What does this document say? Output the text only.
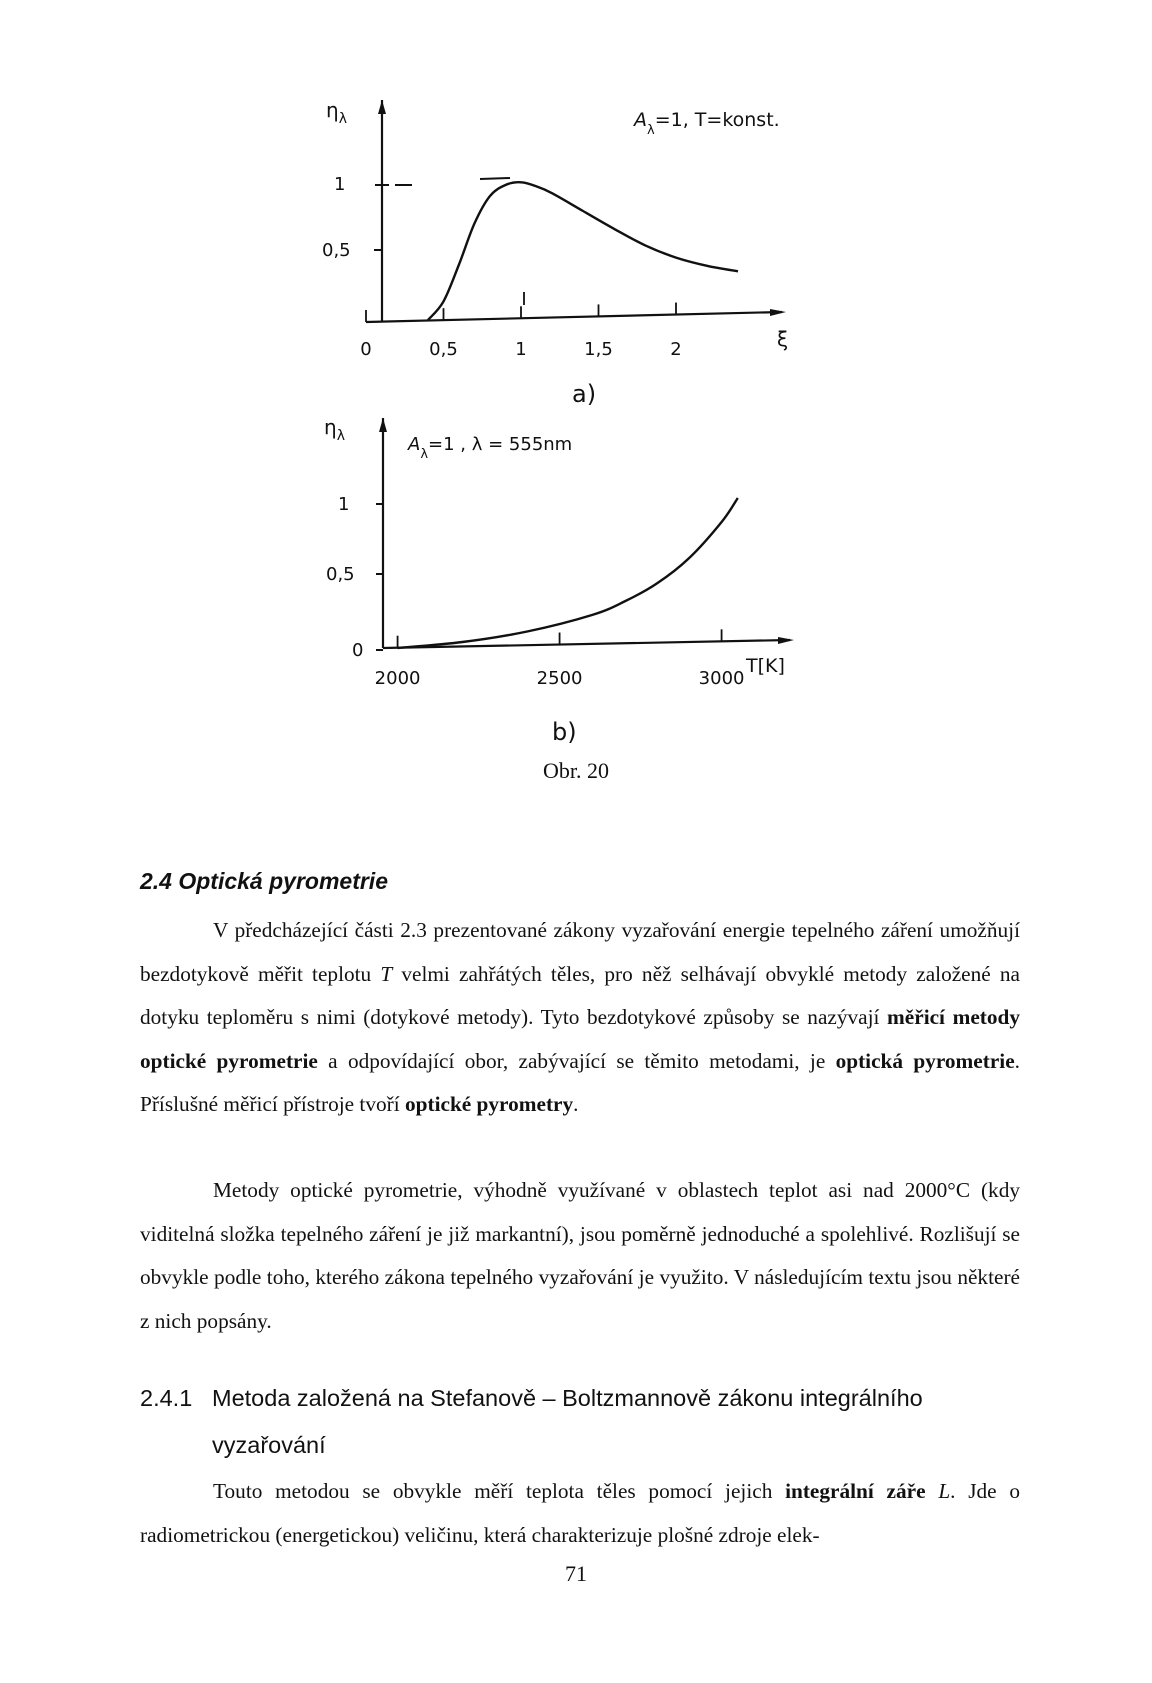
$\eta_\lambda$
1
0,5
0	0,5	1	1,5	2	ξ
$A_\lambda=1$, T=konst.
a)
$\eta_\lambda$
1
0,5
0
2000	2500	3000
T[K]
$A_\lambda=1$ , λ = 555nm
b)
Obr. 20
2.4 Optická pyrometrie

V předcházející části 2.3 prezentované zákony vyzařování energie tepelného záření umožňují bezdotykově měřit teplotu T velmi zahřátých těles, pro něž selhávají obvyklé metody založené na dotyku teploměru s nimi (dotykové metody). Tyto bezdotykové způsoby se nazývají měřicí metody optické pyrometrie a odpovídající obor, zabývající se těmito metodami, je optická pyrometrie. Příslušné měřicí přístroje tvoří optické pyrometry.

Metody optické pyrometrie, výhodně využívané v oblastech teplot asi nad 2000°C (kdy viditelná složka tepelného záření je již markantní), jsou poměrně jednoduché a spolehlivé. Rozlišují se obvykle podle toho, kterého zákona tepelného vyzařování je využito. V následujícím textu jsou některé z nich popsány.

2.4.1 Metoda založená na Stefanově – Boltzmannově zákonu integrálního
vyzařování

Touto metodou se obvykle měří teplota těles pomocí jejich integrální záře L. Jde o radiometrickou (energetickou) veličinu, která charakterizuje plošné zdroje elek-

71
